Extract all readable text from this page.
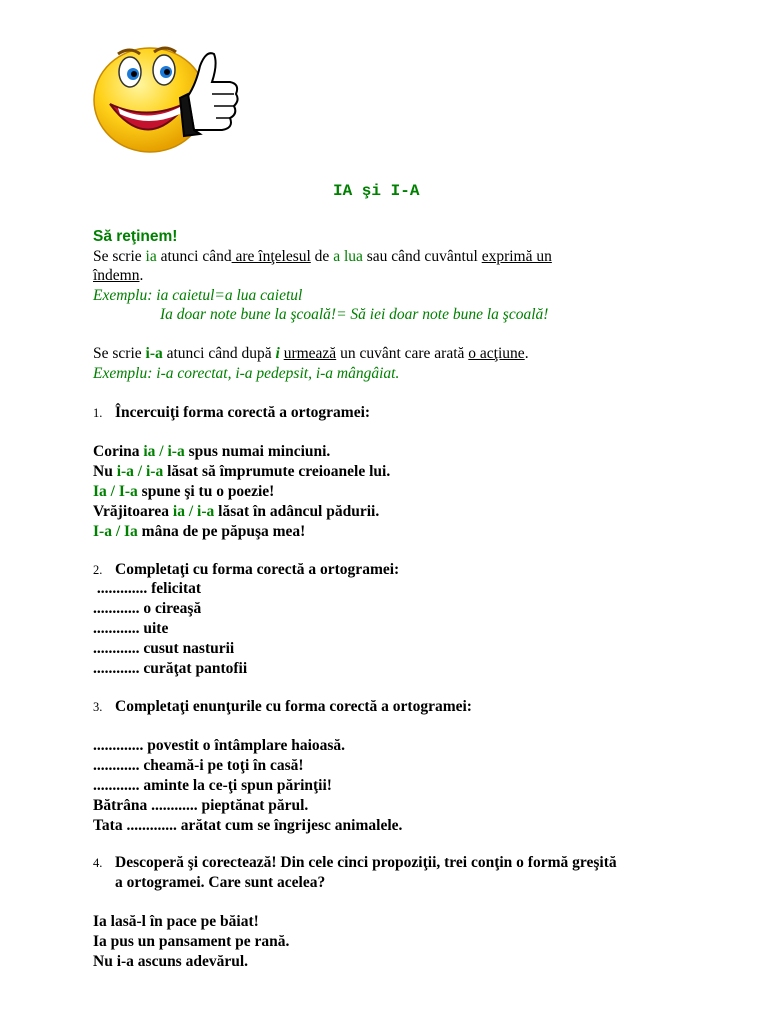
IA şi I-A
Să reţinem!
Se scrie ia atunci când are înţelesul de a lua sau când cuvântul exprimă un
îndemn.
Exemplu: ia caietul=a lua caietul
Ia doar note bune la şcoală!= Să iei doar note bune la şcoală!
Se scrie i-a atunci când după i urmează un cuvânt care arată o acţiune.
Exemplu: i-a corectat, i-a pedepsit, i-a mângâiat.
1. Încercuiţi forma corectă a ortogramei:
Corina ia / i-a spus numai minciuni.
Nu i-a / i-a lăsat să împrumute creioanele lui.
Ia / I-a spune şi tu o poezie!
Vrăjitoarea ia / i-a lăsat în adâncul pădurii.
I-a / Ia mâna de pe păpuşa mea!
2. Completaţi cu forma corectă a ortogramei:
............. felicitat
............ o cireaşă
............ uite
............ cusut nasturii
............ curăţat pantofii
3. Completaţi enunţurile cu forma corectă a ortogramei:
............. povestit o întâmplare haioasă.
............ cheamă-i pe toţi în casă!
............ aminte la ce-ţi spun părinţii!
Bătrâna ............ pieptănat părul.
Tata ............. arătat cum se îngrijesc animalele.
4. Descoperă şi corectează! Din cele cinci propoziţii, trei conţin o formă greşită
a ortogramei. Care sunt acelea?
Ia lasă-l în pace pe băiat!
Ia pus un pansament pe rană.
Nu i-a ascuns adevărul.
